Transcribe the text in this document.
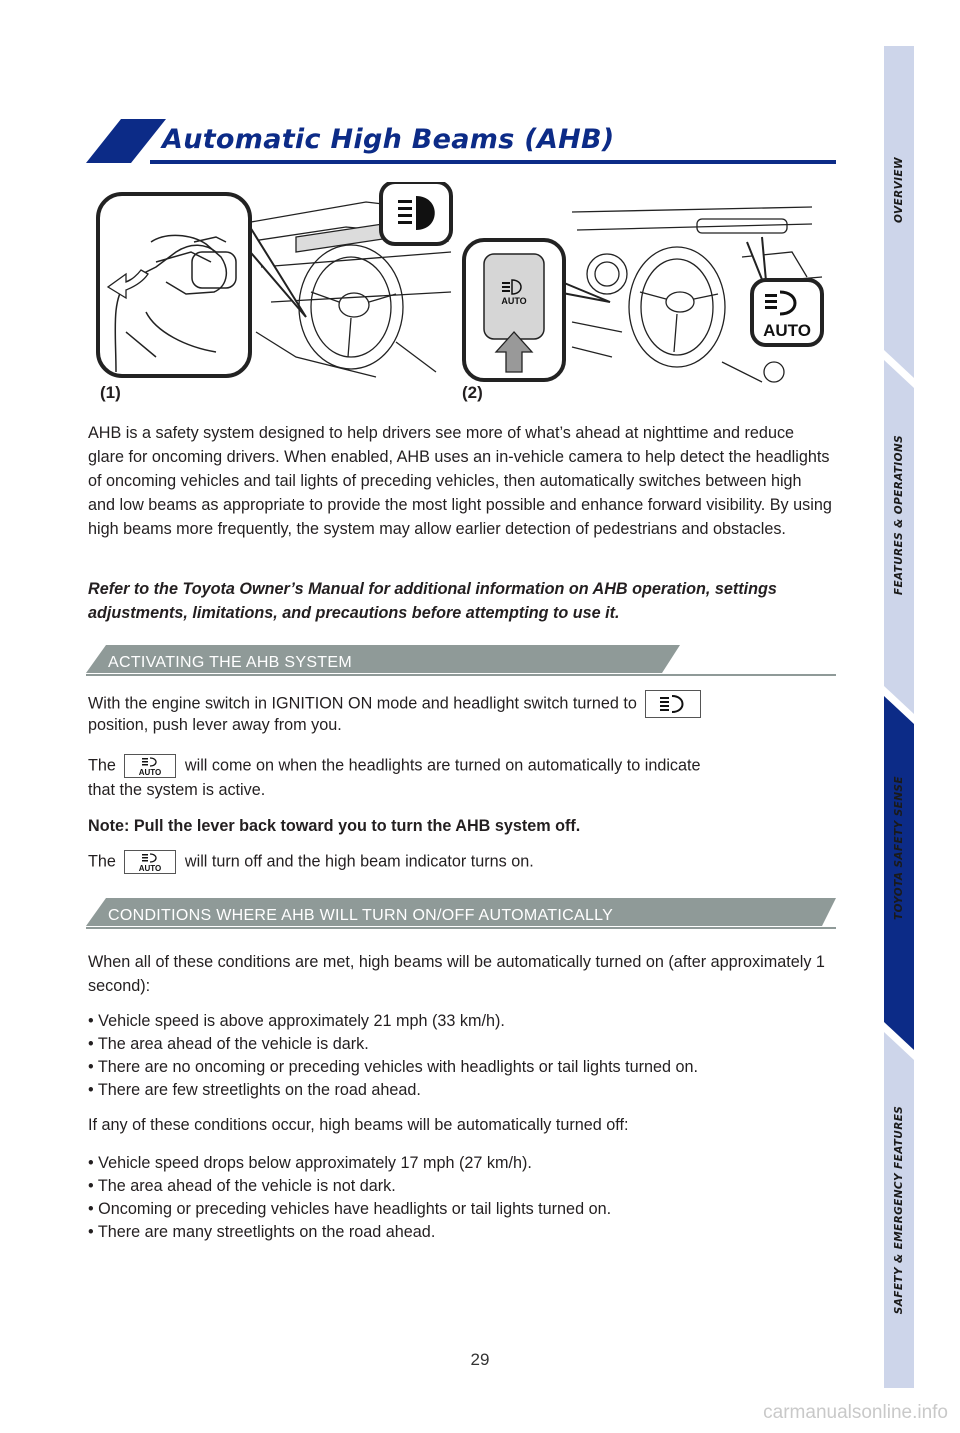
OVERVIEW
FEATURES & OPERATIONS
TOYOTA SAFETY SENSE
SAFETY & EMERGENCY FEATURES
Automatic High Beams (AHB)
AUTO
AUTO
(1)	(2)

AHB is a safety system designed to help drivers see more of what’s ahead at nighttime and reduce glare for oncoming drivers. When enabled, AHB uses an in-vehicle camera to help detect the headlights of oncoming vehicles and tail lights of preceding vehicles, then automatically switches between high and low beams as appropriate to provide the most light possible and enhance forward visibility. By using high beams more frequently, the system may allow earlier detection of pedestrians and obstacles.

Refer to the Toyota Owner’s Manual for additional information on AHB operation, settings adjustments, limitations, and precautions before attempting to use it.

ACTIVATING THE AHB SYSTEM
With the engine switch in IGNITION ON mode and headlight switch turned to
position, push lever away from you.
The	AUTO will come on when the headlights are turned on automatically to indicate
that the system is active.
Note: Pull the lever back toward you to turn the AHB system off.
The	AUTO will turn off and the high beam indicator turns on.
CONDITIONS WHERE AHB WILL TURN ON/OFF AUTOMATICALLY

When all of these conditions are met, high beams will be automatically turned on (after approximately 1 second):

• Vehicle speed is above approximately 21 mph (33 km/h).
• The area ahead of the vehicle is dark.
• There are no oncoming or preceding vehicles with headlights or tail lights turned on.
• There are few streetlights on the road ahead.
If any of these conditions occur, high beams will be automatically turned off:
• Vehicle speed drops below approximately 17 mph (27 km/h).
• The area ahead of the vehicle is not dark.
• Oncoming or preceding vehicles have headlights or tail lights turned on.
• There are many streetlights on the road ahead.
29
carmanualsonline.info
